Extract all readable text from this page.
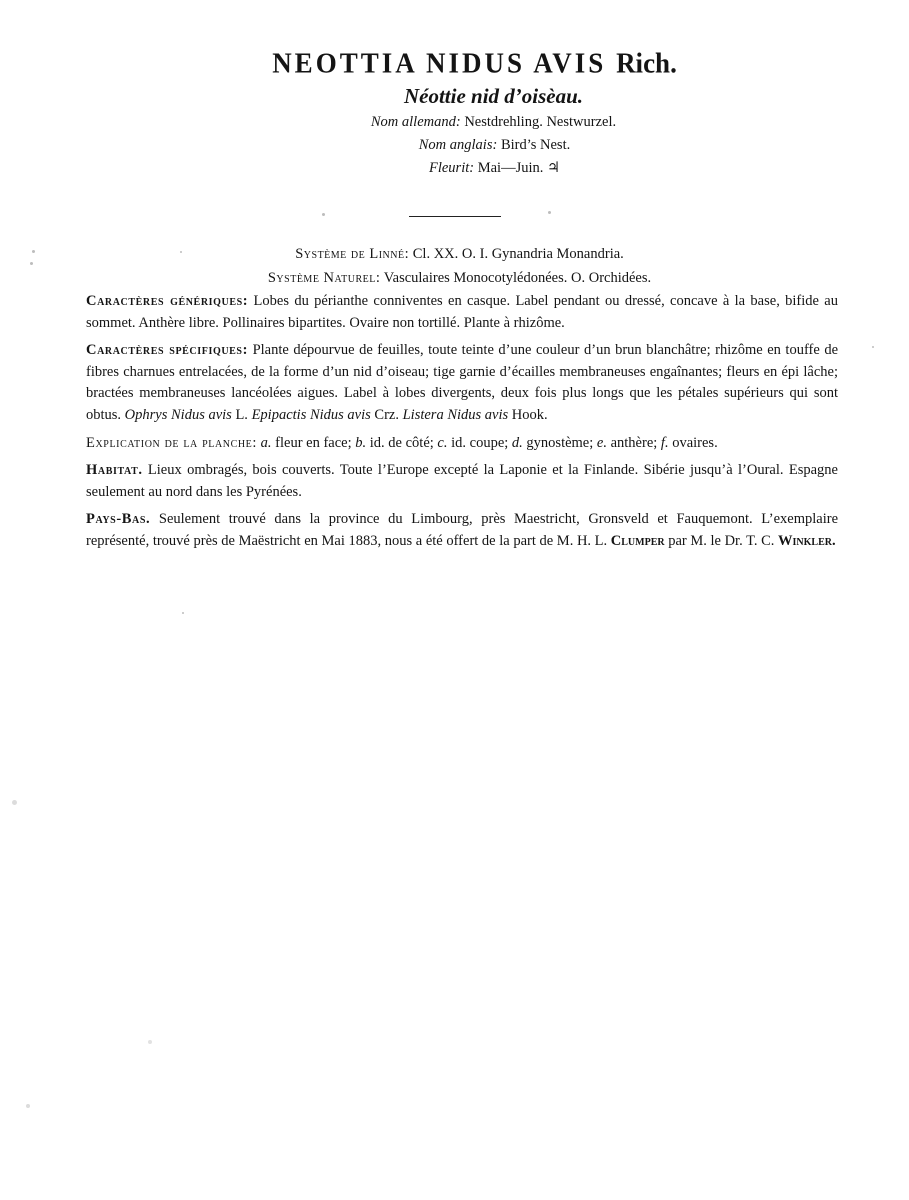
NEOTTIA NIDUS AVIS Rich.
Néottie nid d’oisèau.
Nom allemand: Nestdrehling. Nestwurzel.
Nom anglais: Bird’s Nest.
Fleurit: Mai—Juin. ♃
Système de Linné: Cl. XX. O. I. Gynandria Monandria.
Système Naturel: Vasculaires Monocotylédonées. O. Orchidées.

Caractères génériques: Lobes du périanthe conniventes en casque. Label pendant ou dressé, concave à la base, bifide au sommet. Anthère libre. Pollinaires bipartites. Ovaire non tortillé. Plante à rhizôme.

Caractères spécifiques: Plante dépourvue de feuilles, toute teinte d’une couleur d’un brun blanchâtre; rhizôme en touffe de fibres charnues entrelacées, de la forme d’un nid d’oiseau; tige garnie d’écailles membraneuses engaînantes; fleurs en épi lâche; bractées membraneuses lancéolées aigues. Label à lobes divergents, deux fois plus longs que les pétales supérieurs qui sont obtus. Ophrys Nidus avis L. Epipactis Nidus avis Crz. Listera Nidus avis Hook.

Explication de la planche: a. fleur en face; b. id. de côté; c. id. coupe; d. gynostème; e. anthère; f. ovaires.

Habitat. Lieux ombragés, bois couverts. Toute l’Europe excepté la Laponie et la Finlande. Sibérie jusqu’à l’Oural. Espagne seulement au nord dans les Pyrénées.

Pays-Bas. Seulement trouvé dans la province du Limbourg, près Maestricht, Gronsveld et Fauquemont. L’exemplaire représenté, trouvé près de Maëstricht en Mai 1883, nous a été offert de la part de M. H. L. Clumper par M. le Dr. T. C. Winkler.
